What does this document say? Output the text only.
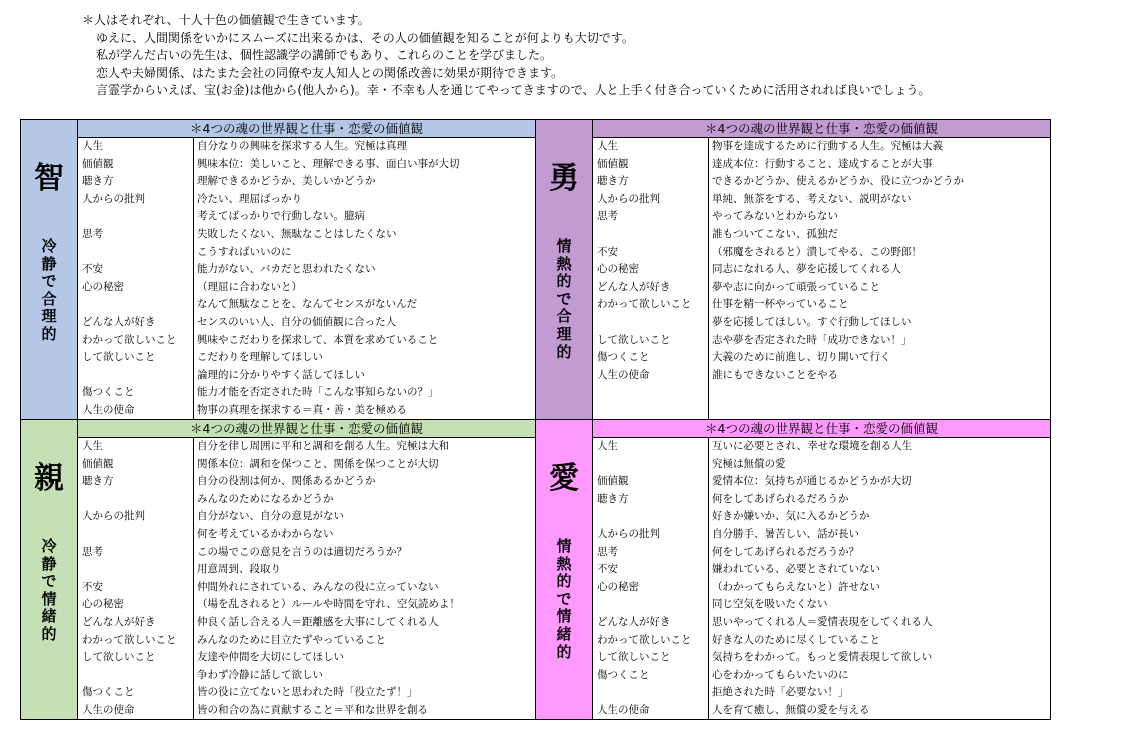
＊人はそれぞれ、十人十色の価値観で生きています。
ゆえに、人間関係をいかにスムーズに出来るかは、その人の価値観を知ることが何よりも大切です。
私が学んだ占いの先生は、個性認識学の講師でもあり、これらのことを学びました。
恋人や夫婦関係、はたまた会社の同僚や友人知人との関係改善に効果が期待できます。
言霊学からいえば、宝(お金)は他から(他人から)。幸・不幸も人を通じてやってきますので、人と上手く付き合っていくために活用されれば良いでしょう。
智
冷
静
で
合
理
的
＊4つの魂の世界観と仕事・恋愛の価値観
人生
価値観
聴き方
人からの批判
思考
不安
心の秘密
どんな人が好き
わかって欲しいこと
して欲しいこと
傷つくこと
人生の使命
自分なりの興味を探求する人生。究極は真理
興味本位：美しいこと、理解できる事、面白い事が大切
理解できるかどうか、美しいかどうか
冷たい、理屈ばっかり
考えてばっかりで行動しない。臆病
失敗したくない、無駄なことはしたくない
こうすればいいのに
能力がない、バカだと思われたくない
（理屈に合わないと）
なんて無駄なことを、なんてセンスがないんだ
センスのいい人、自分の価値観に合った人
興味やこだわりを探求して、本質を求めていること
こだわりを理解してほしい
論理的に分かりやすく話してほしい
能力才能を否定された時「こんな事知らないの？」
物事の真理を探求する＝真・善・美を極める
勇
情
熱
的
で
合
理
的
＊4つの魂の世界観と仕事・恋愛の価値観
人生
価値観
聴き方
人からの批判
思考
不安
心の秘密
どんな人が好き
わかって欲しいこと
して欲しいこと
傷つくこと
人生の使命
物事を達成するために行動する人生。究極は大義
達成本位：行動すること、達成することが大事
できるかどうか、使えるかどうか、役に立つかどうか
単純、無茶をする、考えない、説明がない
やってみないとわからない
誰もついてこない、孤独だ
（邪魔をされると）潰してやる、この野郎！
同志になれる人、夢を応援してくれる人
夢や志に向かって頑張っていること
仕事を精一杯やっていること
夢を応援してほしい。すぐ行動してほしい
志や夢を否定された時「成功できない！」
大義のために前進し、切り開いて行く
誰にもできないことをやる
親
冷
静
で
情
緒
的
＊4つの魂の世界観と仕事・恋愛の価値観
人生
価値観
聴き方
人からの批判
思考
不安
心の秘密
どんな人が好き
わかって欲しいこと
して欲しいこと
傷つくこと
人生の使命
自分を律し周囲に平和と調和を創る人生。究極は大和
関係本位：調和を保つこと、関係を保つことが大切
自分の役割は何か、関係あるかどうか
みんなのためになるかどうか
自分がない、自分の意見がない
何を考えているかわからない
この場でこの意見を言うのは適切だろうか？
用意周到、段取り
仲間外れにされている、みんなの役に立っていない
（場を乱されると）ルールや時間を守れ、空気読めよ！
仲良く話し合える人＝距離感を大事にしてくれる人
みんなのために目立たずやっていること
友達や仲間を大切にしてほしい
争わず冷静に話して欲しい
皆の役に立てないと思われた時「役立たず！」
皆の和合の為に貢献すること＝平和な世界を創る
愛
情
熱
的
で
情
緒
的
＊4つの魂の世界観と仕事・恋愛の価値観
人生
価値観
聴き方
人からの批判
思考
不安
心の秘密
どんな人が好き
わかって欲しいこと
して欲しいこと
傷つくこと
人生の使命
互いに必要とされ、幸せな環境を創る人生
究極は無償の愛
愛情本位：気持ちが通じるかどうかが大切
何をしてあげられるだろうか
好きか嫌いか、気に入るかどうか
自分勝手、暑苦しい、話が長い
何をしてあげられるだろうか？
嫌われている、必要とされていない
（わかってもらえないと）許せない
同じ空気を吸いたくない
思いやってくれる人＝愛情表現をしてくれる人
好きな人のために尽くしていること
気持ちをわかって。もっと愛情表現して欲しい
心をわかってもらいたいのに
拒絶された時「必要ない！」
人を育て癒し、無償の愛を与える
